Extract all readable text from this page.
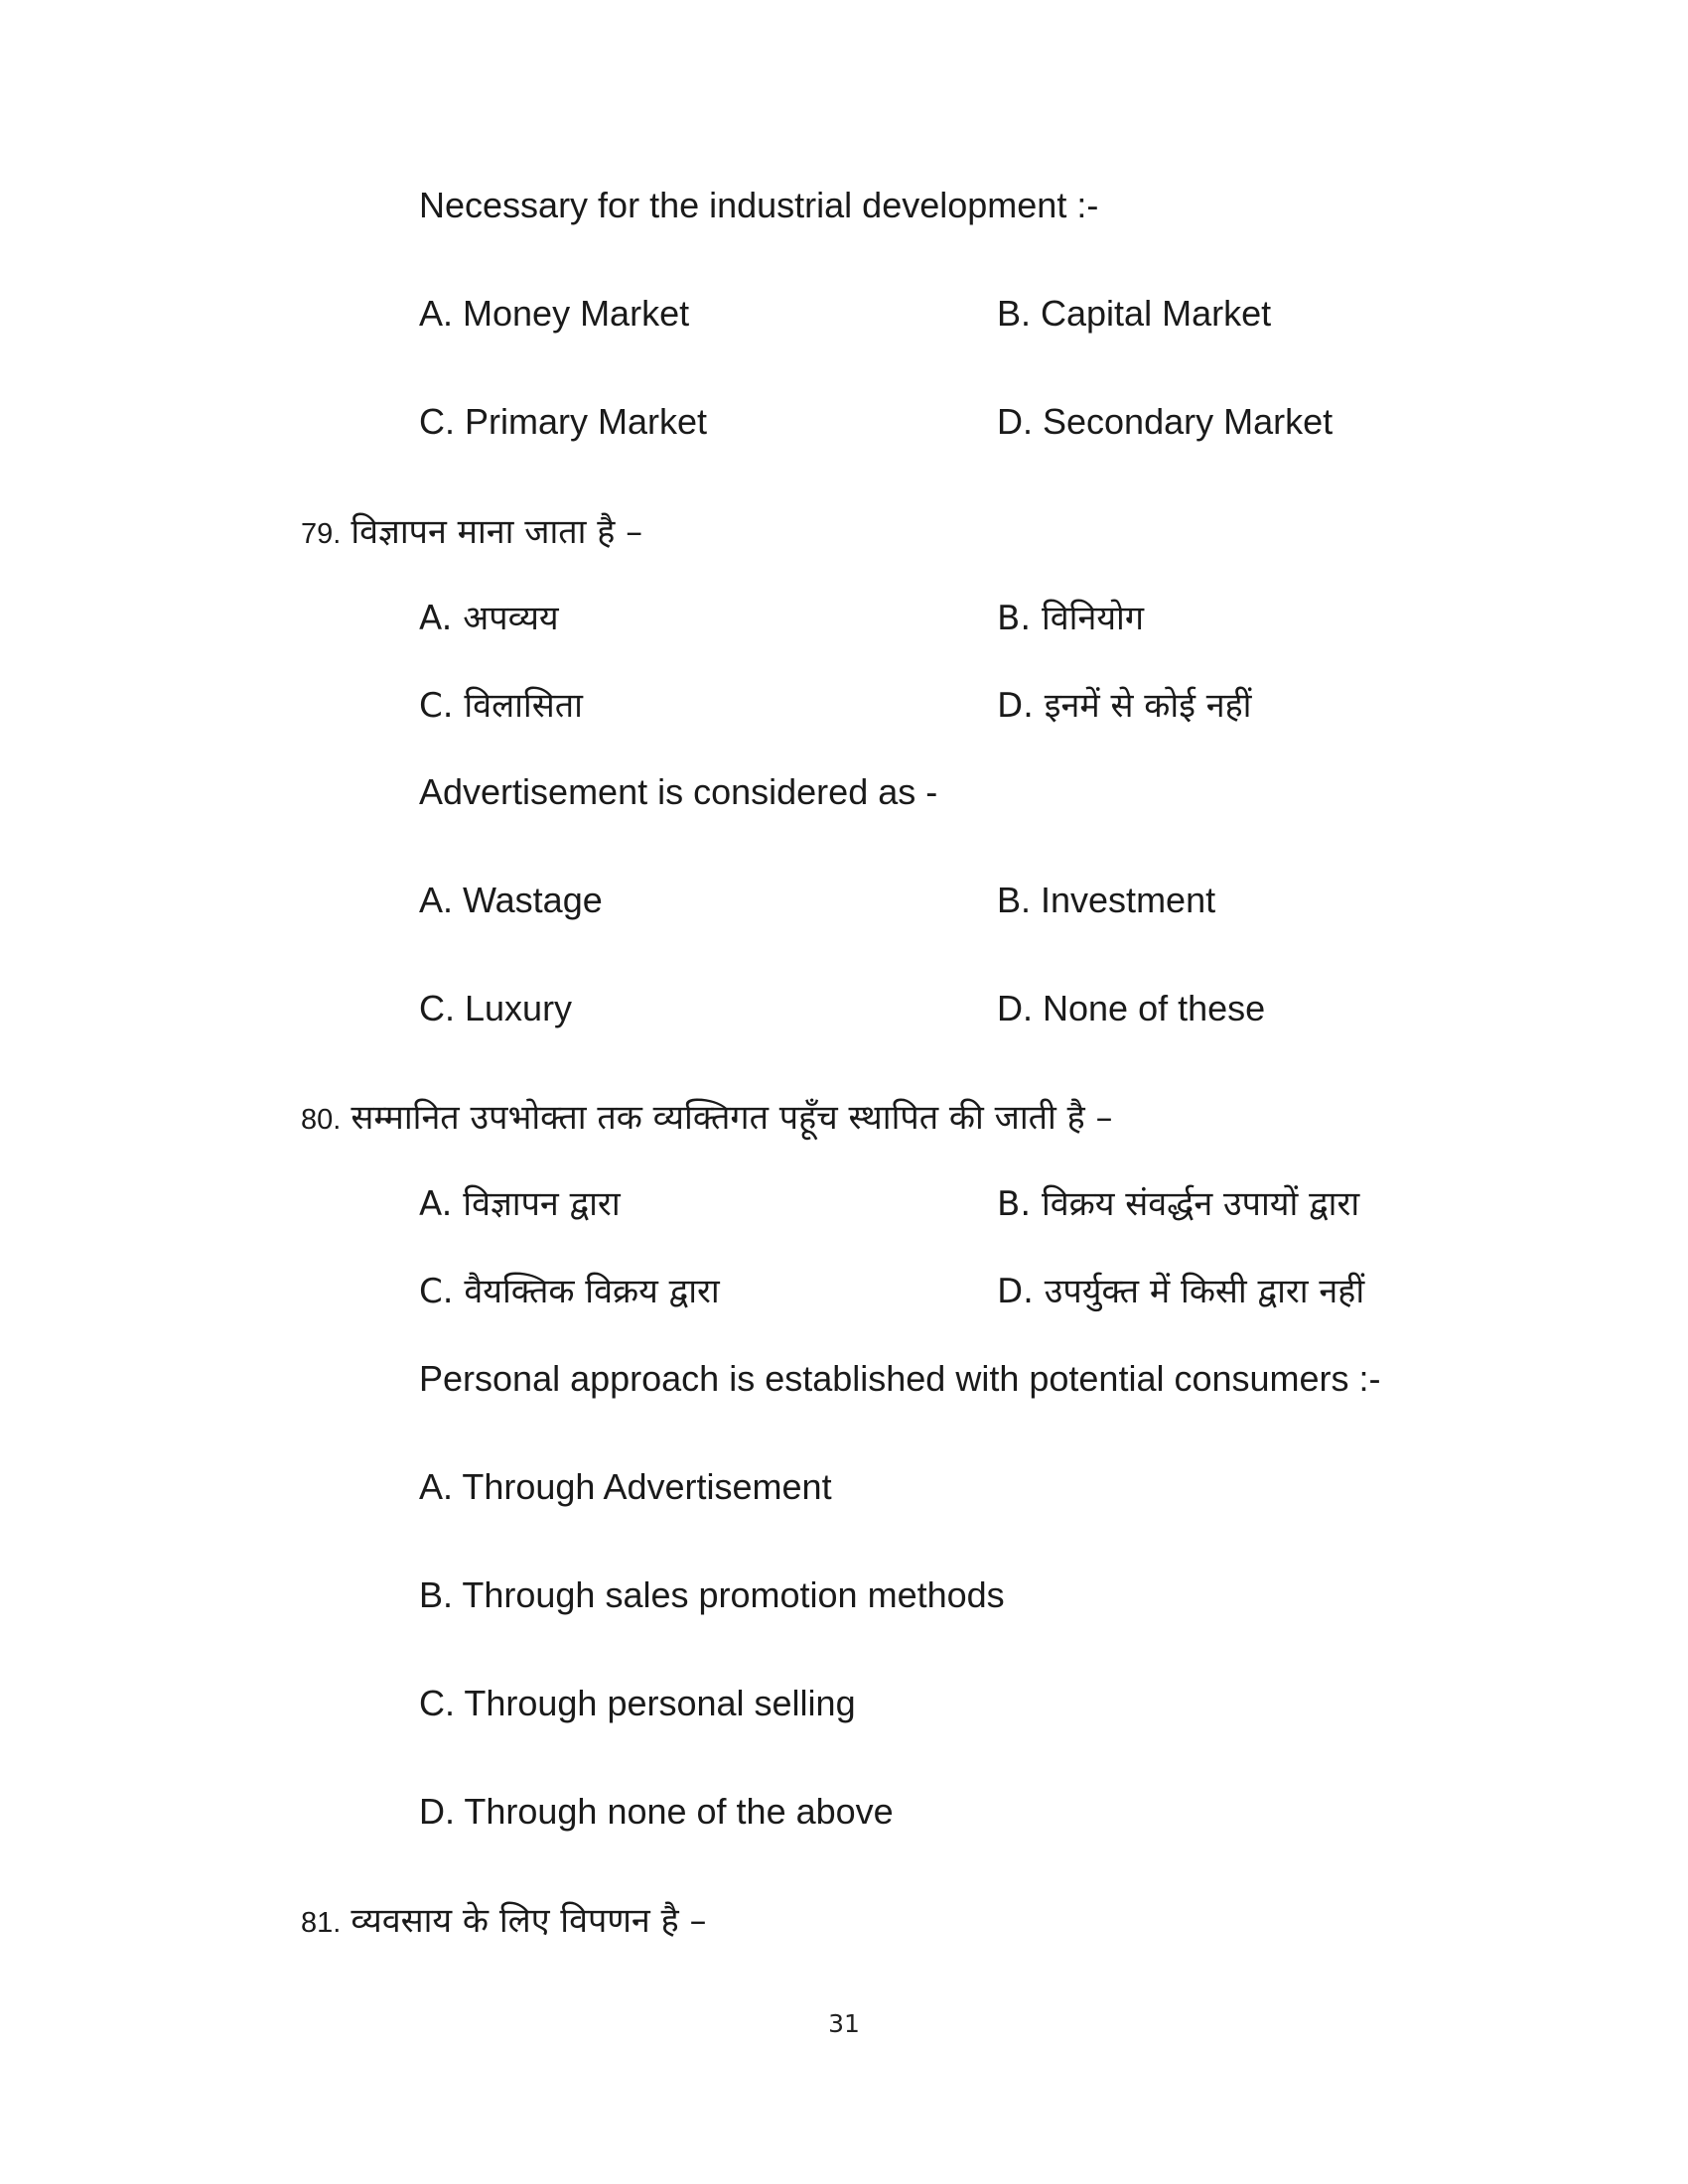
Necessary for the industrial development :-
A. Money Market	B. Capital Market
C. Primary Market	D. Secondary Market
79. विज्ञापन माना जाता है –
A. अपव्यय	B. विनियोग
C. विलासिता	D. इनमें से कोई नहीं
Advertisement is considered as -
A. Wastage	B. Investment
C. Luxury	D. None of these
80. सम्मानित उपभोक्ता तक व्यक्तिगत पहूँच स्थापित की जाती है –
A. विज्ञापन द्वारा	B. विक्रय संवर्द्धन उपायों द्वारा
C. वैयक्तिक विक्रय द्वारा	D. उपर्युक्त में किसी द्वारा नहीं
Personal approach is established with potential consumers :-
A. Through Advertisement
B. Through sales promotion methods
C. Through personal selling
D. Through none of the above
81. व्यवसाय के लिए विपणन है –
31
